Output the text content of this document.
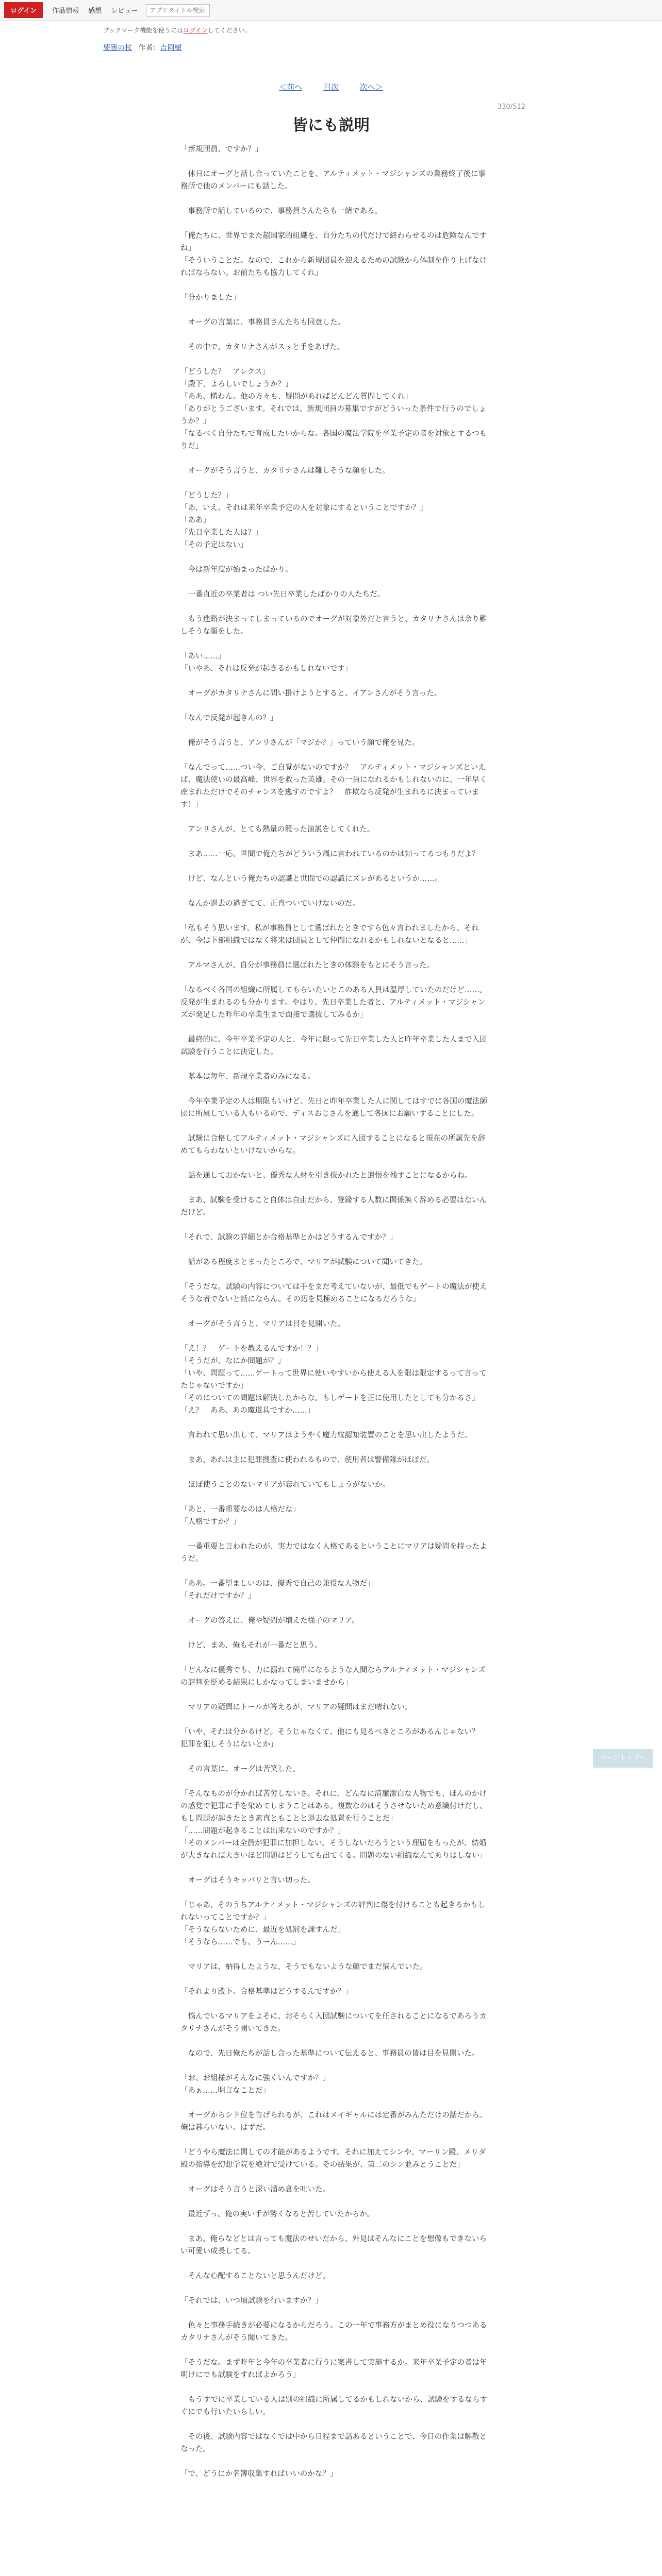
ログイン	作品情報 感想 レビュー
アプリタイトル検索
ブックマーク機能を使うにはログインしてください。
要塞の杖 作者：吉岡樹
＜前へ	目次	次へ＞
330/512
皆にも説明

「新規団員、ですか？」

　休日にオーグと話し合っていたことを、アルティメット・マジシャンズの業務終了後に事務所で他のメンバーにも話した。

　事務所で話しているので、事務員さんたちも一緒である。

「俺たちに、世界でまた超国家的組織を、自分たちの代だけで終わらせるのは危険なんですね」

「そういうことだ。なので、これから新規団員を迎えるための試験から体制を作り上げなければならない。お前たちも協力してくれ」

「分かりました」

　オーグの言葉に、事務員さんたちも同意した。

　その中で、カタリナさんがスッと手をあげた。

「どうした？　アレクス」

「殿下、よろしいでしょうか？」

「ああ、構わん。他の方々も、疑問があればどんどん質問してくれ」

「ありがとうございます。それでは、新規団員の募集ですがどういった条件で行うのでしょうか？」

「なるべく自分たちで育成したいからな。各国の魔法学院を卒業予定の者を対象とするつもりだ」

　オーグがそう言うと、カタリナさんは難しそうな顔をした。

「どうした？」

「あ、いえ。それは来年卒業予定の人を対象にするということですか？」

「ああ」

「先日卒業した人は？」

「その予定はない」

　今は新年度が始まったばかり。

　一番直近の卒業者は つい先日卒業したばかりの人たちだ。

　もう進路が決まってしまっているのでオーグが対象外だと言うと、カタリナさんは余り難しそうな顔をした。

「あい……」

「いやあ、それは反発が起きるかもしれないです」

　オーグがカタリナさんに問い掛けようとすると、イアンさんがそう言った。

「なんで反発が起きんの？」

　俺がそう言うと、アンリさんが「マジか？」っていう顔で俺を見た。

「なんでって……つい今、ご自覚がないのですか？　アルティメット・マジシャンズといえば、魔法使いの最高峰、世界を救った英雄。その一員になれるかもしれないのに、一年早く産まれただけでそのチャンスを逃すのですよ？　詐欺なら反発が生まれるに決まっています！」

　アンリさんが、とても熱量の籠った演説をしてくれた。

　まあ……一応、世間で俺たちがどういう風に言われているのかは知ってるつもりだよ？

　けど、なんという俺たちの認識と世間での認識にズレがあるというか……。

　なんか過去の過ぎてて、正直ついていけないのだ。

「私もそう思います。私が事務員として選ばれたときですら色々言われましたから。それが、今は下部組織ではなく将来は団員として仲間になれるかもしれないとなると……」

　アルマさんが、自分が事務員に選ばれたときの体験をもとにそう言った。

「なるべく各国の組織に所属してもらいたいとこのある人員は温厚していたのだけど……。反発が生まれるのも分かります。やはり、先日卒業した者と、アルティメット・マジシャンズが発足した昨年の卒業生まで面接で選抜してみるか」

　最終的に、今年卒業予定の人と、今年に限って先日卒業した人と昨年卒業した人まで入団試験を行うことに決定した。

　基本は毎年、新規卒業者のみになる。

　今年卒業予定の人は期限もいけど、先日と昨年卒業した人に関してはすでに各国の魔法師団に所属している人もいるので、ディスおじさんを通して各国にお願いすることにした。

　試験に合格してアルティメット・マジシャンズに入団することになると現在の所属先を辞めてもらわないといけないからな。

　話を通しておかないと、優秀な人材を引き抜かれたと遺恨を残すことになるからね。

　まあ、試験を受けること自体は自由だから、登録する人数に関係無く辞める必要はないんだけど。

「それで、試験の詳細とか合格基準とかはどうするんですか？」

　話がある程度まとまったところで、マリアが試験について聞いてきた。

「そうだな。試験の内容については手をまだ考えていないが、最低でもゲートの魔法が使えそうな者でないと話にならん。その辺を見極めることになるだろうな」

　オーグがそう言うと、マリアは目を見開いた。

「え！？　ゲートを教えるんですか！？」

「そうだが、なにか問題が？」

「いや、問題って……ゲートって世界に使いやすいから使える人を限は限定するって言ってたじゃないですか」

「そのについての問題は解決したからな。もしゲートを正に使用したとしても分かるさ」

「え？　ああ、あの魔道具ですか……」

　言われて思い出して、マリアはようやく魔力紋認知装置のことを思い出したようだ。

　まあ、あれは主に犯罪捜査に使われるもので、使用者は警備隊がほぼだ。

　ほぼ使うことのないマリアが忘れていてもしょうがないか。

「あと、一番重要なのは人格だな」

「人格ですか？」

　一番重要と言われたのが、実力ではなく人格であるということにマリアは疑問を持ったようだ。

「ああ。一番望ましいのは、優秀で自己の兼役な人物だ」

「それだけですか？」

　オーグの答えに、俺や疑問が増えた様子のマリア。

　けど、まあ、俺もそれが一番だと思う。

「どんなに優秀でも、力に溺れて簡単になるような人間ならアルティメット・マジシャンズの評判を貶める結果にしかなってしまいませから」

　マリアの疑問にトールが答えるが、マリアの疑問はまだ晴れない。

「いや、それは分かるけど。そうじゃなくて、他にも見るべきところがあるんじゃない？　犯罪を犯しそうにないとか」

　その言葉に、オーグは苦笑した。

「そんなものが分かれば苦労しないさ。それに、どんなに清廉潔白な人物でも、ほんのかけの感覚で犯罪に手を染めてしまうことはある。複数なのはそうさせないため意識付けだし、もし問題が起きたとき素直ともことと過去な処置を行うことだ」

「……問題が起きることは出来ないのですか？」

「そのメンバーは全員が犯罪に加担しない。そうしないだろうという理屈をもったが、結婚が大きなれば大きいほど問題はどうしても出てくる。問題のない組織なんてありはしない」

　オーグはそうキッパリと言い切った。

「じゃあ、そのうちアルティメット・マジシャンズの評判に傷を付けることも起きるかもしれないってことですか？」

「そうならないために、最近を処罰を課すんだ」

「そうなら……でも、うーん……」

　マリアは、納得したような、そうでもないような顔でまだ悩んでいた。

「それより殿下。合格基準はどうするんですか？」

　悩んでいるマリアをよそに、おそらく入団試験についてを任されることになるであろうカタリナさんがそう聞いてきた。

　なので、先日俺たちが話し合った基準について伝えると、事務員の皆は目を見開いた。

「お、お組様がそんなに強くいんですか？」

「あぁ……明言なことだ」

　オーグからシド位を告げられるが、これはメイギャルには定番がみんただけの話だから。俺は暮らいない。はずだ。

「どうやら魔法に関しての才能があるようです。それに加えてシンや、マーリン殿、メリダ殿の指導を幻想学院を絶対で受けている。その結果が、第二のシン並みとうことだ」

　オーグはそう言うと深い溜め息を吐いた。

　最近ずっ、俺の実い手が勢くなると苦していたからか。

　まあ、俺らなどとは言っても魔法のせいだから、外見はそんなにことを想像もできないらい可愛い成長してる。

　そんな心配することないと思うんだけど。

「それでは、いつ頃試験を行いますか？」

　色々と事務手続きが必要になるからだろう。この一年で事務方がまとめ役になりつつあるカタリナさんがそう聞いてきた。

「そうだな。まず昨年と今年の卒業者に行うに案書して実施するか。来年卒業予定の者は年明けにでも試験をすればよかろう」

　もうすでに卒業している人は別の組織に所属してるかもしれないから、試験をするならすぐにでも行いたいらしい。

　その後、試験内容ではなくでは中から日程まで話あるということで、今日の作業は解散となった。

「で、どうにか名簿収集すればいいのかな？」

ページトップへ
